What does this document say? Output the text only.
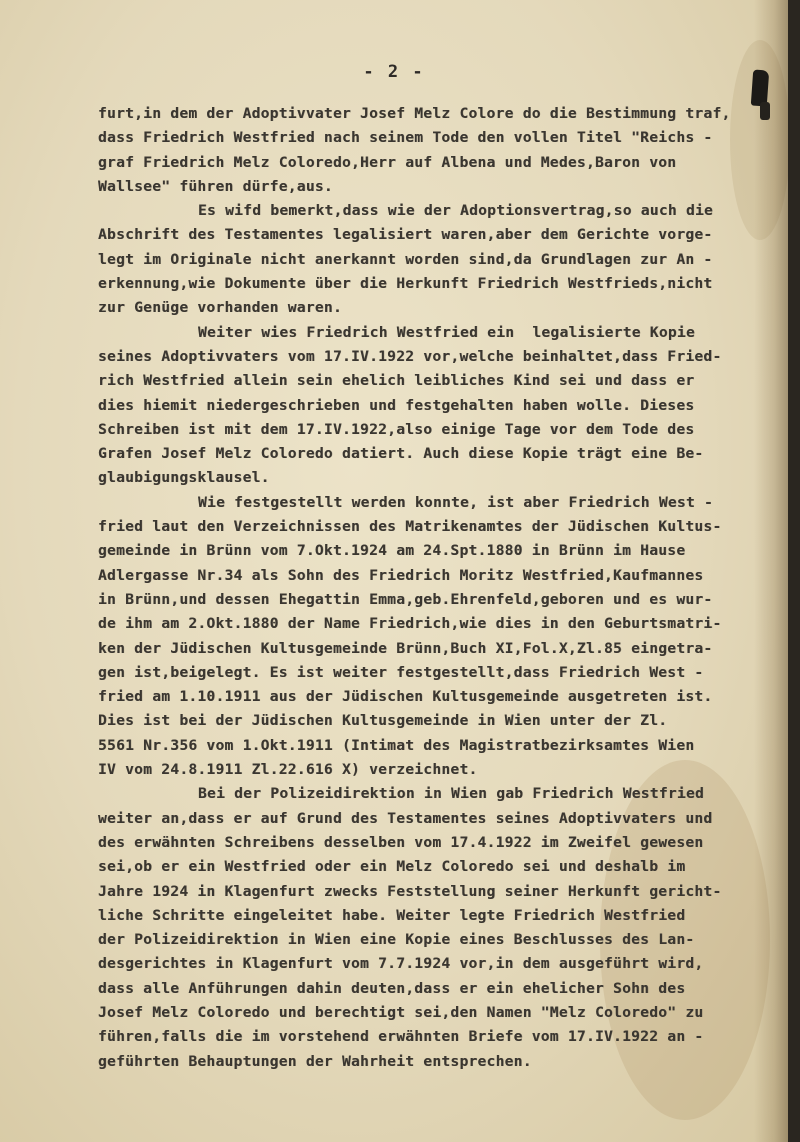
- 2 -
furt,in dem der Adoptivvater Josef Melz Colore do die Bestimmung traf,
dass Friedrich Westfried nach seinem Tode den vollen Titel "Reichs -
graf Friedrich Melz Coloredo,Herr auf Albena und Medes,Baron von
Wallsee" führen dürfe,aus.
Es wifd bemerkt,dass wie der Adoptionsvertrag,so auch die
Abschrift des Testamentes legalisiert waren,aber dem Gerichte vorge-
legt im Originale nicht anerkannt worden sind,da Grundlagen zur An -
erkennung,wie Dokumente über die Herkunft Friedrich Westfrieds,nicht
zur Genüge vorhanden waren.
Weiter wies Friedrich Westfried ein  legalisierte Kopie
seines Adoptivvaters vom 17.IV.1922 vor,welche beinhaltet,dass Fried-
rich Westfried allein sein ehelich leibliches Kind sei und dass er
dies hiemit niedergeschrieben und festgehalten haben wolle. Dieses
Schreiben ist mit dem 17.IV.1922,also einige Tage vor dem Tode des
Grafen Josef Melz Coloredo datiert. Auch diese Kopie trägt eine Be-
glaubigungsklausel.
Wie festgestellt werden konnte, ist aber Friedrich West -
fried laut den Verzeichnissen des Matrikenamtes der Jüdischen Kultus-
gemeinde in Brünn vom 7.Okt.1924 am 24.Spt.1880 in Brünn im Hause
Adlergasse Nr.34 als Sohn des Friedrich Moritz Westfried,Kaufmannes
in Brünn,und dessen Ehegattin Emma,geb.Ehrenfeld,geboren und es wur-
de ihm am 2.Okt.1880 der Name Friedrich,wie dies in den Geburtsmatri-
ken der Jüdischen Kultusgemeinde Brünn,Buch XI,Fol.X,Zl.85 eingetra-
gen ist,beigelegt. Es ist weiter festgestellt,dass Friedrich West -
fried am 1.10.1911 aus der Jüdischen Kultusgemeinde ausgetreten ist.
Dies ist bei der Jüdischen Kultusgemeinde in Wien unter der Zl.
5561 Nr.356 vom 1.Okt.1911 (Intimat des Magistratbezirksamtes Wien
IV vom 24.8.1911 Zl.22.616 X) verzeichnet.
Bei der Polizeidirektion in Wien gab Friedrich Westfried
weiter an,dass er auf Grund des Testamentes seines Adoptivvaters und
des erwähnten Schreibens desselben vom 17.4.1922 im Zweifel gewesen
sei,ob er ein Westfried oder ein Melz Coloredo sei und deshalb im
Jahre 1924 in Klagenfurt zwecks Feststellung seiner Herkunft gericht-
liche Schritte eingeleitet habe. Weiter legte Friedrich Westfried
der Polizeidirektion in Wien eine Kopie eines Beschlusses des Lan-
desgerichtes in Klagenfurt vom 7.7.1924 vor,in dem ausgeführt wird,
dass alle Anführungen dahin deuten,dass er ein ehelicher Sohn des
Josef Melz Coloredo und berechtigt sei,den Namen "Melz Coloredo" zu
führen,falls die im vorstehend erwähnten Briefe vom 17.IV.1922 an -
geführten Behauptungen der Wahrheit entsprechen.
